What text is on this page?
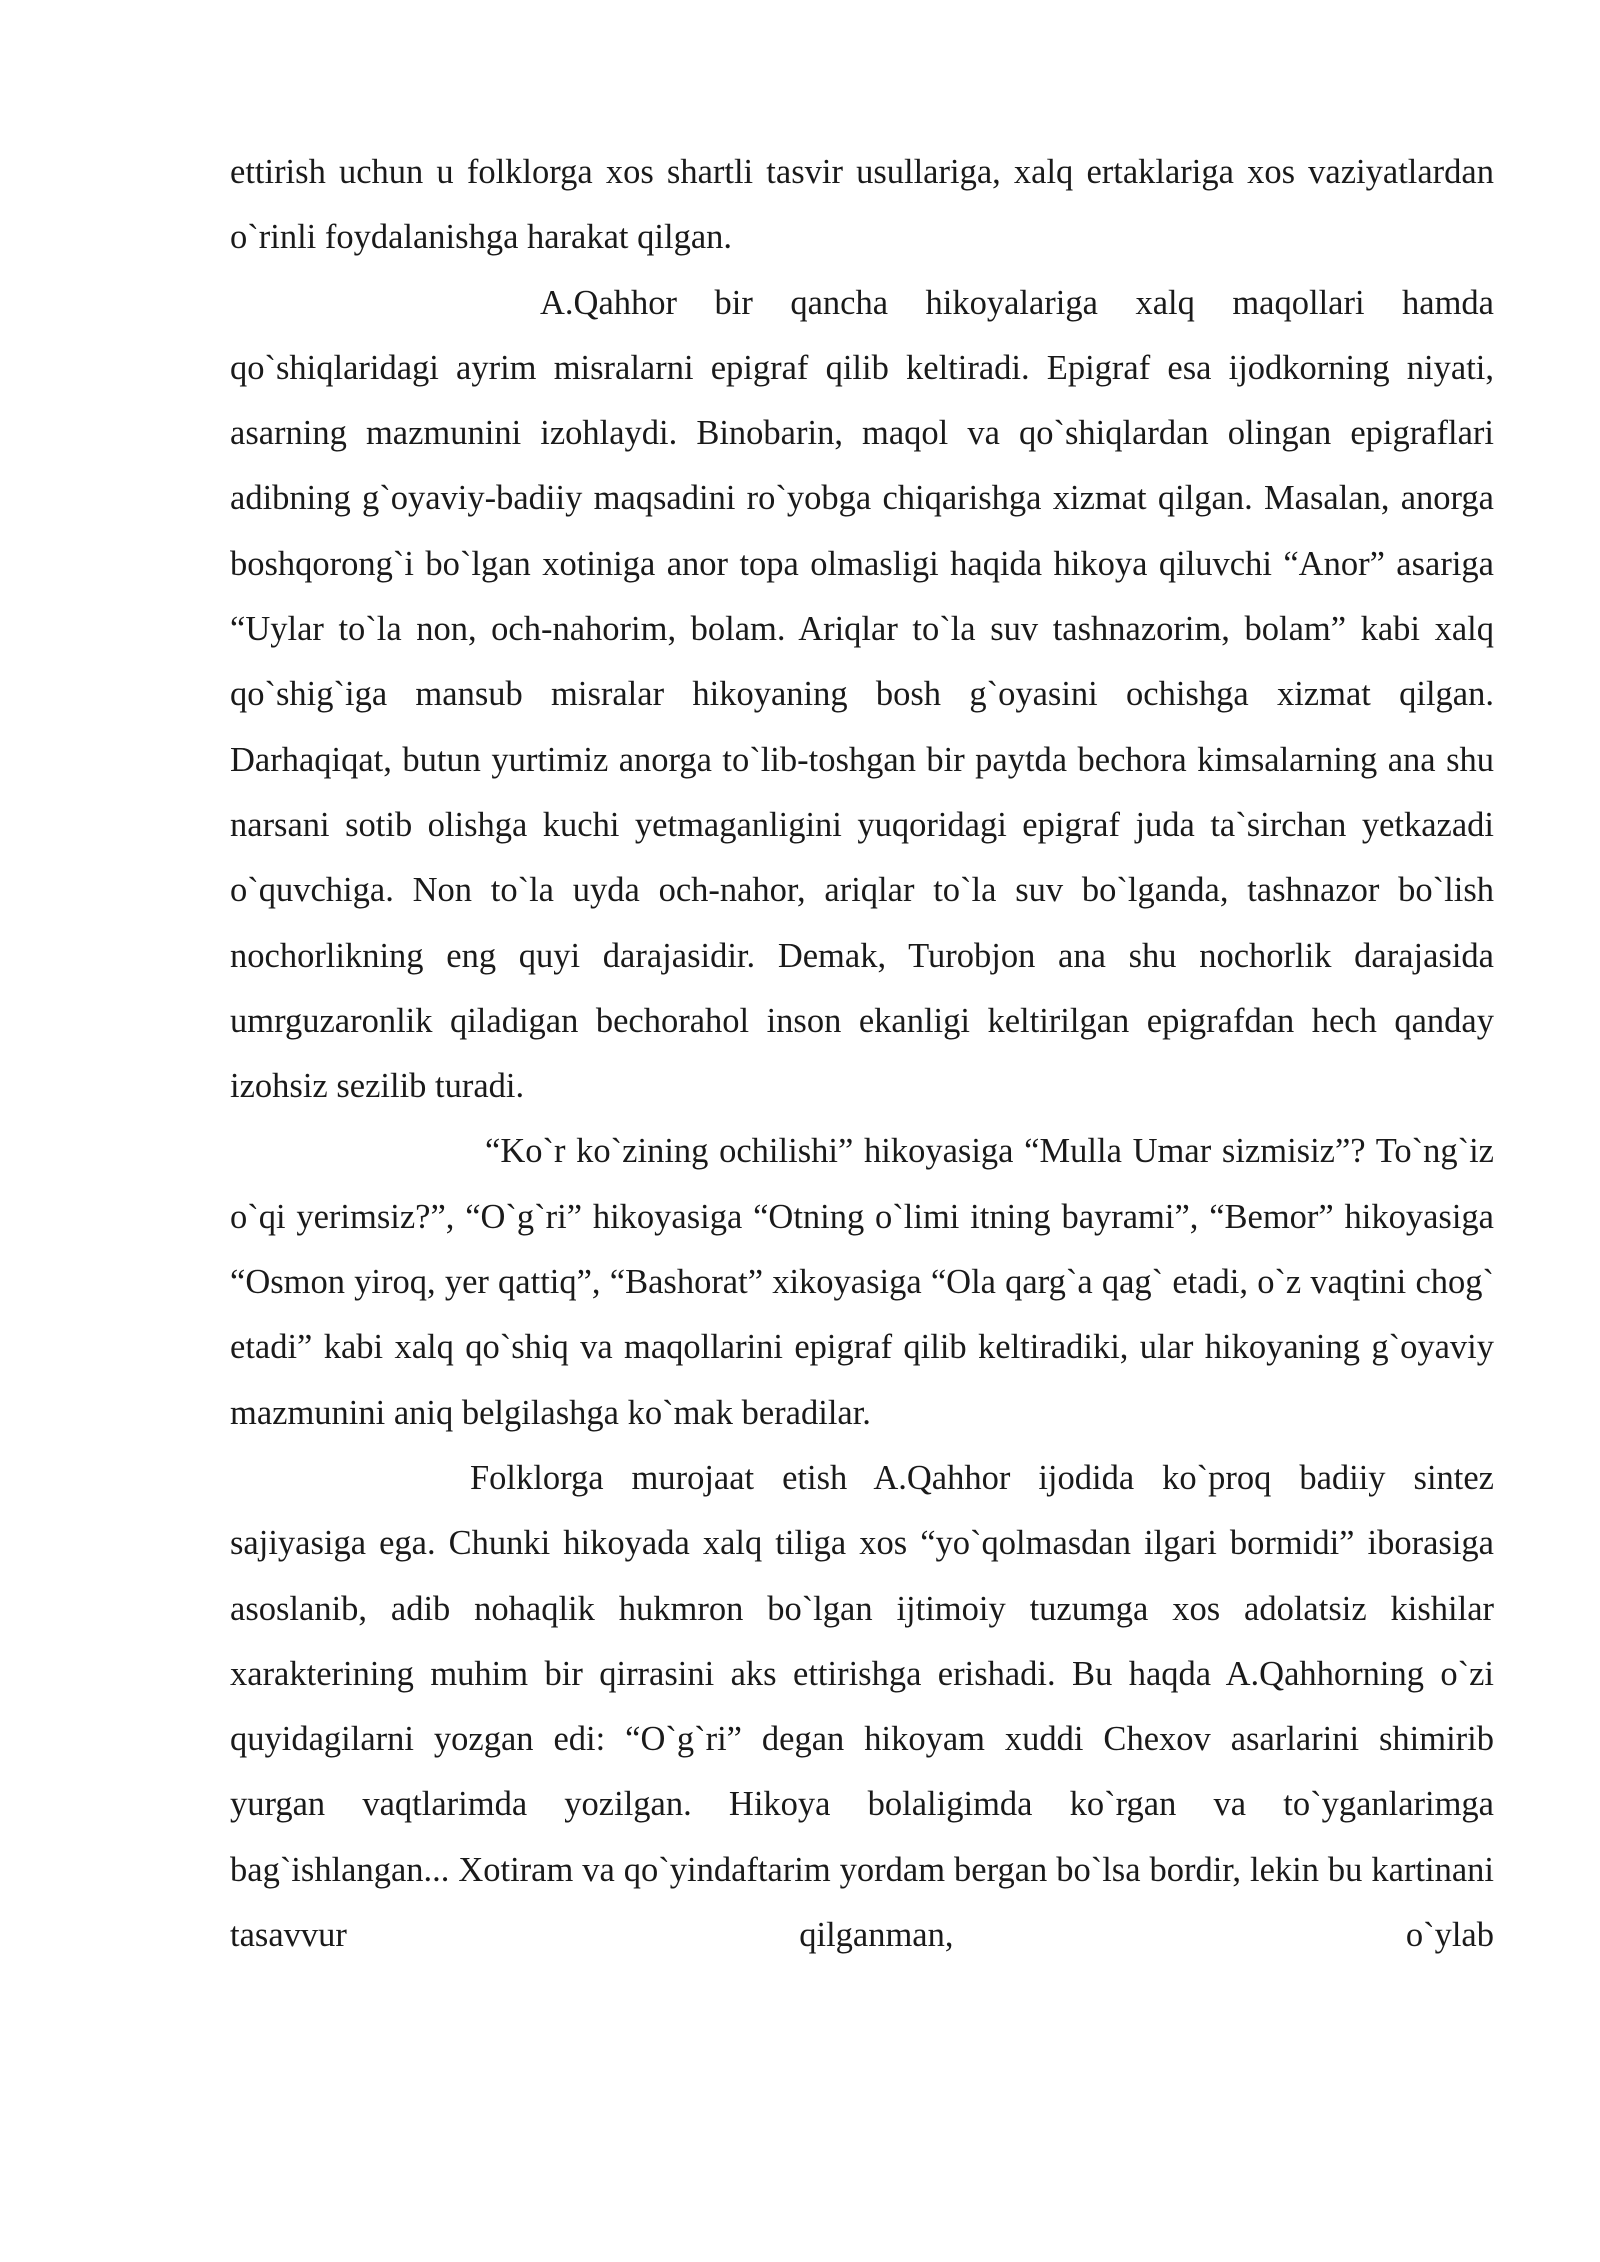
ettirish uchun u folklorga xos shartli tasvir usullariga, xalq ertaklariga xos vaziyatlardan o`rinli foydalanishga harakat qilgan.

A.Qahhor bir qancha hikoyalariga xalq maqollari hamda qo`shiqlaridagi ayrim misralarni epigraf qilib keltiradi. Epigraf esa ijodkorning niyati, asarning mazmunini izohlaydi. Binobarin, maqol va qo`shiqlardan olingan epigraflari adibning g`oyaviy-badiiy maqsadini ro`yobga chiqarishga xizmat qilgan. Masalan, anorga boshqorong`i bo`lgan xotiniga anor topa olmasligi haqida hikoya qiluvchi “Anor” asariga “Uylar to`la non, och-nahorim, bolam. Ariqlar to`la suv tashnazorim, bolam” kabi xalq qo`shig`iga mansub misralar hikoyaning bosh g`oyasini ochishga xizmat qilgan. Darhaqiqat, butun yurtimiz anorga to`lib-toshgan bir paytda bechora kimsalarning ana shu narsani sotib olishga kuchi yetmaganligini yuqoridagi epigraf juda ta`sirchan yetkazadi o`quvchiga. Non to`la uyda och-nahor, ariqlar to`la suv bo`lganda, tashnazor bo`lish nochorlikning eng quyi darajasidir. Demak, Turobjon ana shu nochorlik darajasida umrguzaronlik qiladigan bechorahol inson ekanligi keltirilgan epigrafdan hech qanday izohsiz sezilib turadi.

“Ko`r ko`zining ochilishi” hikoyasiga “Mulla Umar sizmisiz”? To`ng`iz o`qi yerimsiz?”, “O`g`ri” hikoyasiga “Otning o`limi itning bayrami”, “Bemor” hikoyasiga “Osmon yiroq, yer qattiq”, “Bashorat” xikoyasiga “Ola qarg`a qag` etadi, o`z vaqtini chog` etadi” kabi xalq qo`shiq va maqollarini epigraf qilib keltiradiki, ular hikoyaning g`oyaviy mazmunini aniq belgilashga ko`mak beradilar.

Folklorga murojaat etish A.Qahhor ijodida ko`proq badiiy sintez sajiyasiga ega. Chunki hikoyada xalq tiliga xos “yo`qolmasdan ilgari bormidi” iborasiga asoslanib, adib nohaqlik hukmron bo`lgan ijtimoiy tuzumga xos adolatsiz kishilar xarakterining muhim bir qirrasini aks ettirishga erishadi. Bu haqda A.Qahhorning o`zi quyidagilarni yozgan edi: “O`g`ri” degan hikoyam xuddi Chexov asarlarini shimirib yurgan vaqtlarimda yozilgan. Hikoya bolaligimda ko`rgan va to`yganlarimga bag`ishlangan... Xotiram va qo`yindaftarim yordam bergan bo`lsa bordir, lekin bu kartinani tasavvur qilganman, o`ylab
